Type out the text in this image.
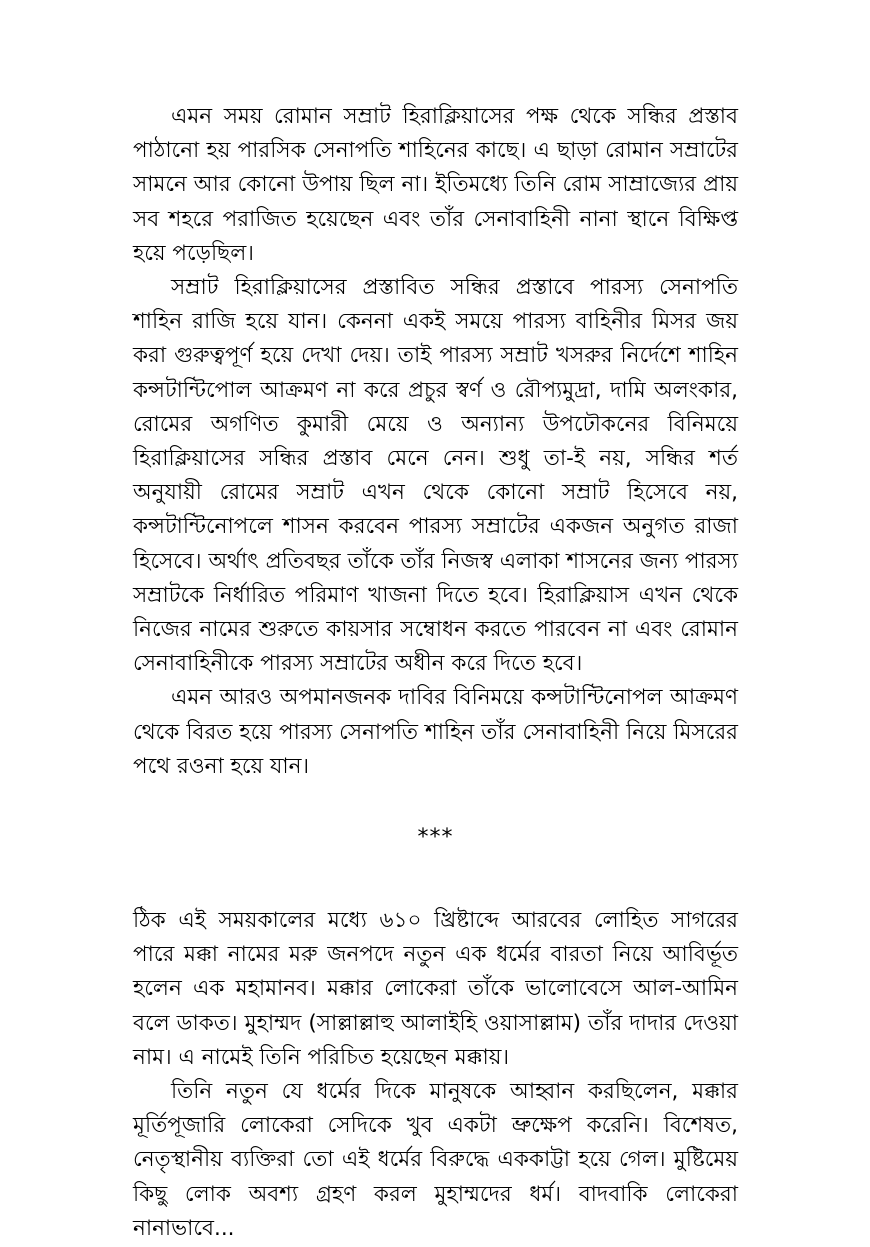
এমন সময় রোমান সম্রাট হিরাক্লিয়াসের পক্ষ থেকে সন্ধির প্রস্তাব পাঠানো হয় পারসিক সেনাপতি শাহিনের কাছে। এ ছাড়া রোমান সম্রাটের সামনে আর কোনো উপায় ছিল না। ইতিমধ্যে তিনি রোম সাম্রাজ্যের প্রায় সব শহরে পরাজিত হয়েছেন এবং তাঁর সেনাবাহিনী নানা স্থানে বিক্ষিপ্ত হয়ে পড়েছিল।

সম্রাট হিরাক্লিয়াসের প্রস্তাবিত সন্ধির প্রস্তাবে পারস্য সেনাপতি শাহিন রাজি হয়ে যান। কেননা একই সময়ে পারস্য বাহিনীর মিসর জয় করা গুরুত্বপূর্ণ হয়ে দেখা দেয়। তাই পারস্য সম্রাট খসরুর নির্দেশে শাহিন কন্সটান্টিপোল আক্রমণ না করে প্রচুর স্বর্ণ ও রৌপ্যমুদ্রা, দামি অলংকার, রোমের অগণিত কুমারী মেয়ে ও অন্যান্য উপঢৌকনের বিনিময়ে হিরাক্লিয়াসের সন্ধির প্রস্তাব মেনে নেন। শুধু তা-ই নয়, সন্ধির শর্ত অনুযায়ী রোমের সম্রাট এখন থেকে কোনো সম্রাট হিসেবে নয়, কন্সটান্টিনোপলে শাসন করবেন পারস্য সম্রাটের একজন অনুগত রাজা হিসেবে। অর্থাৎ প্রতিবছর তাঁকে তাঁর নিজস্ব এলাকা শাসনের জন্য পারস্য সম্রাটকে নির্ধারিত পরিমাণ খাজনা দিতে হবে। হিরাক্লিয়াস এখন থেকে নিজের নামের শুরুতে কায়সার সম্বোধন করতে পারবেন না এবং রোমান সেনাবাহিনীকে পারস্য সম্রাটের অধীন করে দিতে হবে।

এমন আরও অপমানজনক দাবির বিনিময়ে কন্সটান্টিনোপল আক্রমণ থেকে বিরত হয়ে পারস্য সেনাপতি শাহিন তাঁর সেনাবাহিনী নিয়ে মিসরের পথে রওনা হয়ে যান।

***

ঠিক এই সময়কালের মধ্যে ৬১০ খ্রিষ্টাব্দে আরবের লোহিত সাগরের পারে মক্কা নামের মরু জনপদে নতুন এক ধর্মের বারতা নিয়ে আবির্ভূত হলেন এক মহামানব। মক্কার লোকেরা তাঁকে ভালোবেসে আল-আমিন বলে ডাকত। মুহাম্মদ (সাল্লাল্লাহু আলাইহি ওয়াসাল্লাম) তাঁর দাদার দেওয়া নাম। এ নামেই তিনি পরিচিত হয়েছেন মক্কায়।

তিনি নতুন যে ধর্মের দিকে মানুষকে আহ্বান করছিলেন, মক্কার মূর্তিপূজারি লোকেরা সেদিকে খুব একটা ভ্রুক্ষেপ করেনি। বিশেষত, নেতৃস্থানীয় ব্যক্তিরা তো এই ধর্মের বিরুদ্ধে এককাট্টা হয়ে গেল। মুষ্টিমেয় কিছু লোক অবশ্য গ্রহণ করল মুহাম্মদের ধর্ম। বাদবাকি লোকেরা নানাভাবে...
